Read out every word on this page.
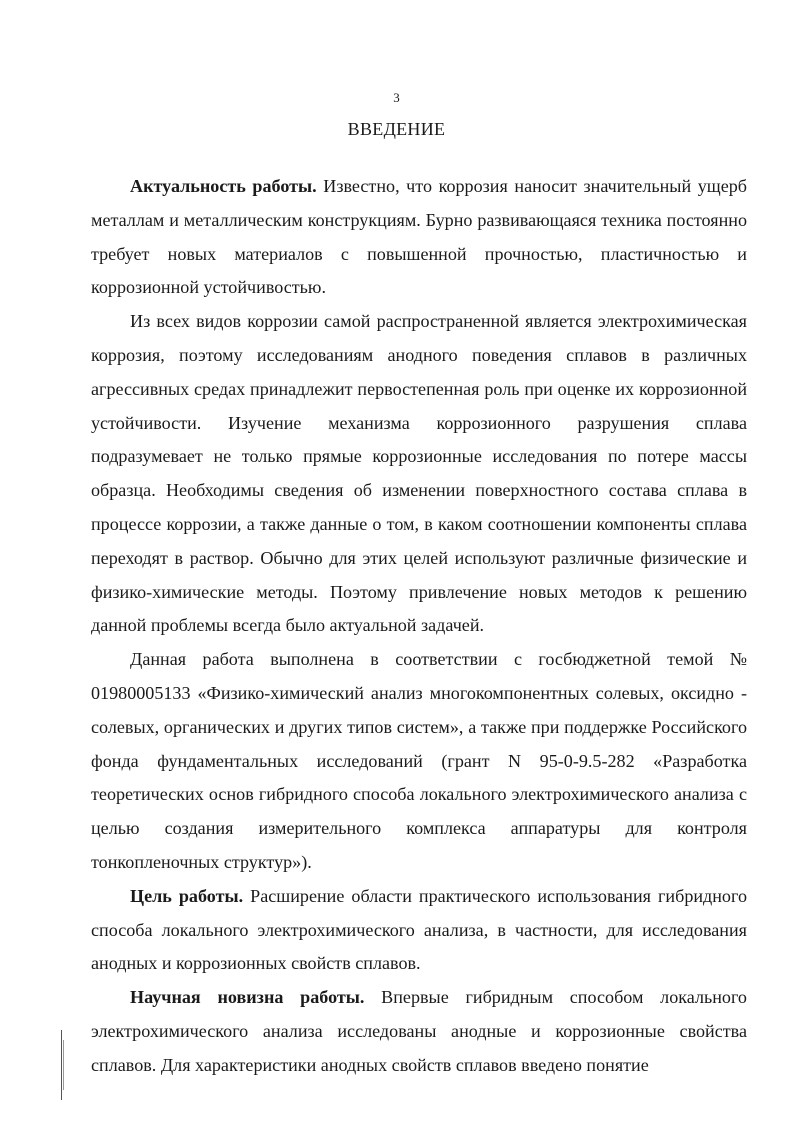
3
ВВЕДЕНИЕ

Актуальность работы. Известно, что коррозия наносит значительный ущерб металлам и металлическим конструкциям. Бурно развивающаяся техника постоянно требует новых материалов с повышенной прочностью, пластичностью и коррозионной устойчивостью.

Из всех видов коррозии самой распространенной является электрохимическая коррозия, поэтому исследованиям анодного поведения сплавов в различных агрессивных средах принадлежит первостепенная роль при оценке их коррозионной устойчивости. Изучение механизма коррозионного разрушения сплава подразумевает не только прямые коррозионные исследования по потере массы образца. Необходимы сведения об изменении поверхностного состава сплава в процессе коррозии, а также данные о том, в каком соотношении компоненты сплава переходят в раствор. Обычно для этих целей используют различные физические и физико-химические методы. Поэтому привлечение новых методов к решению данной проблемы всегда было актуальной задачей.

Данная работа выполнена в соответствии с госбюджетной темой № 01980005133 «Физико-химический анализ многокомпонентных солевых, оксидно - солевых, органических и других типов систем», а также при поддержке Российского фонда фундаментальных исследований (грант N 95-0-9.5-282 «Разработка теоретических основ гибридного способа локального электрохимического анализа с целью создания измерительного комплекса аппаратуры для контроля тонкопленочных структур»).

Цель работы. Расширение области практического использования гибридного способа локального электрохимического анализа, в частности, для исследования анодных и коррозионных свойств сплавов.

Научная новизна работы. Впервые гибридным способом локального электрохимического анализа исследованы анодные и коррозионные свойства сплавов. Для характеристики анодных свойств сплавов введено понятие
